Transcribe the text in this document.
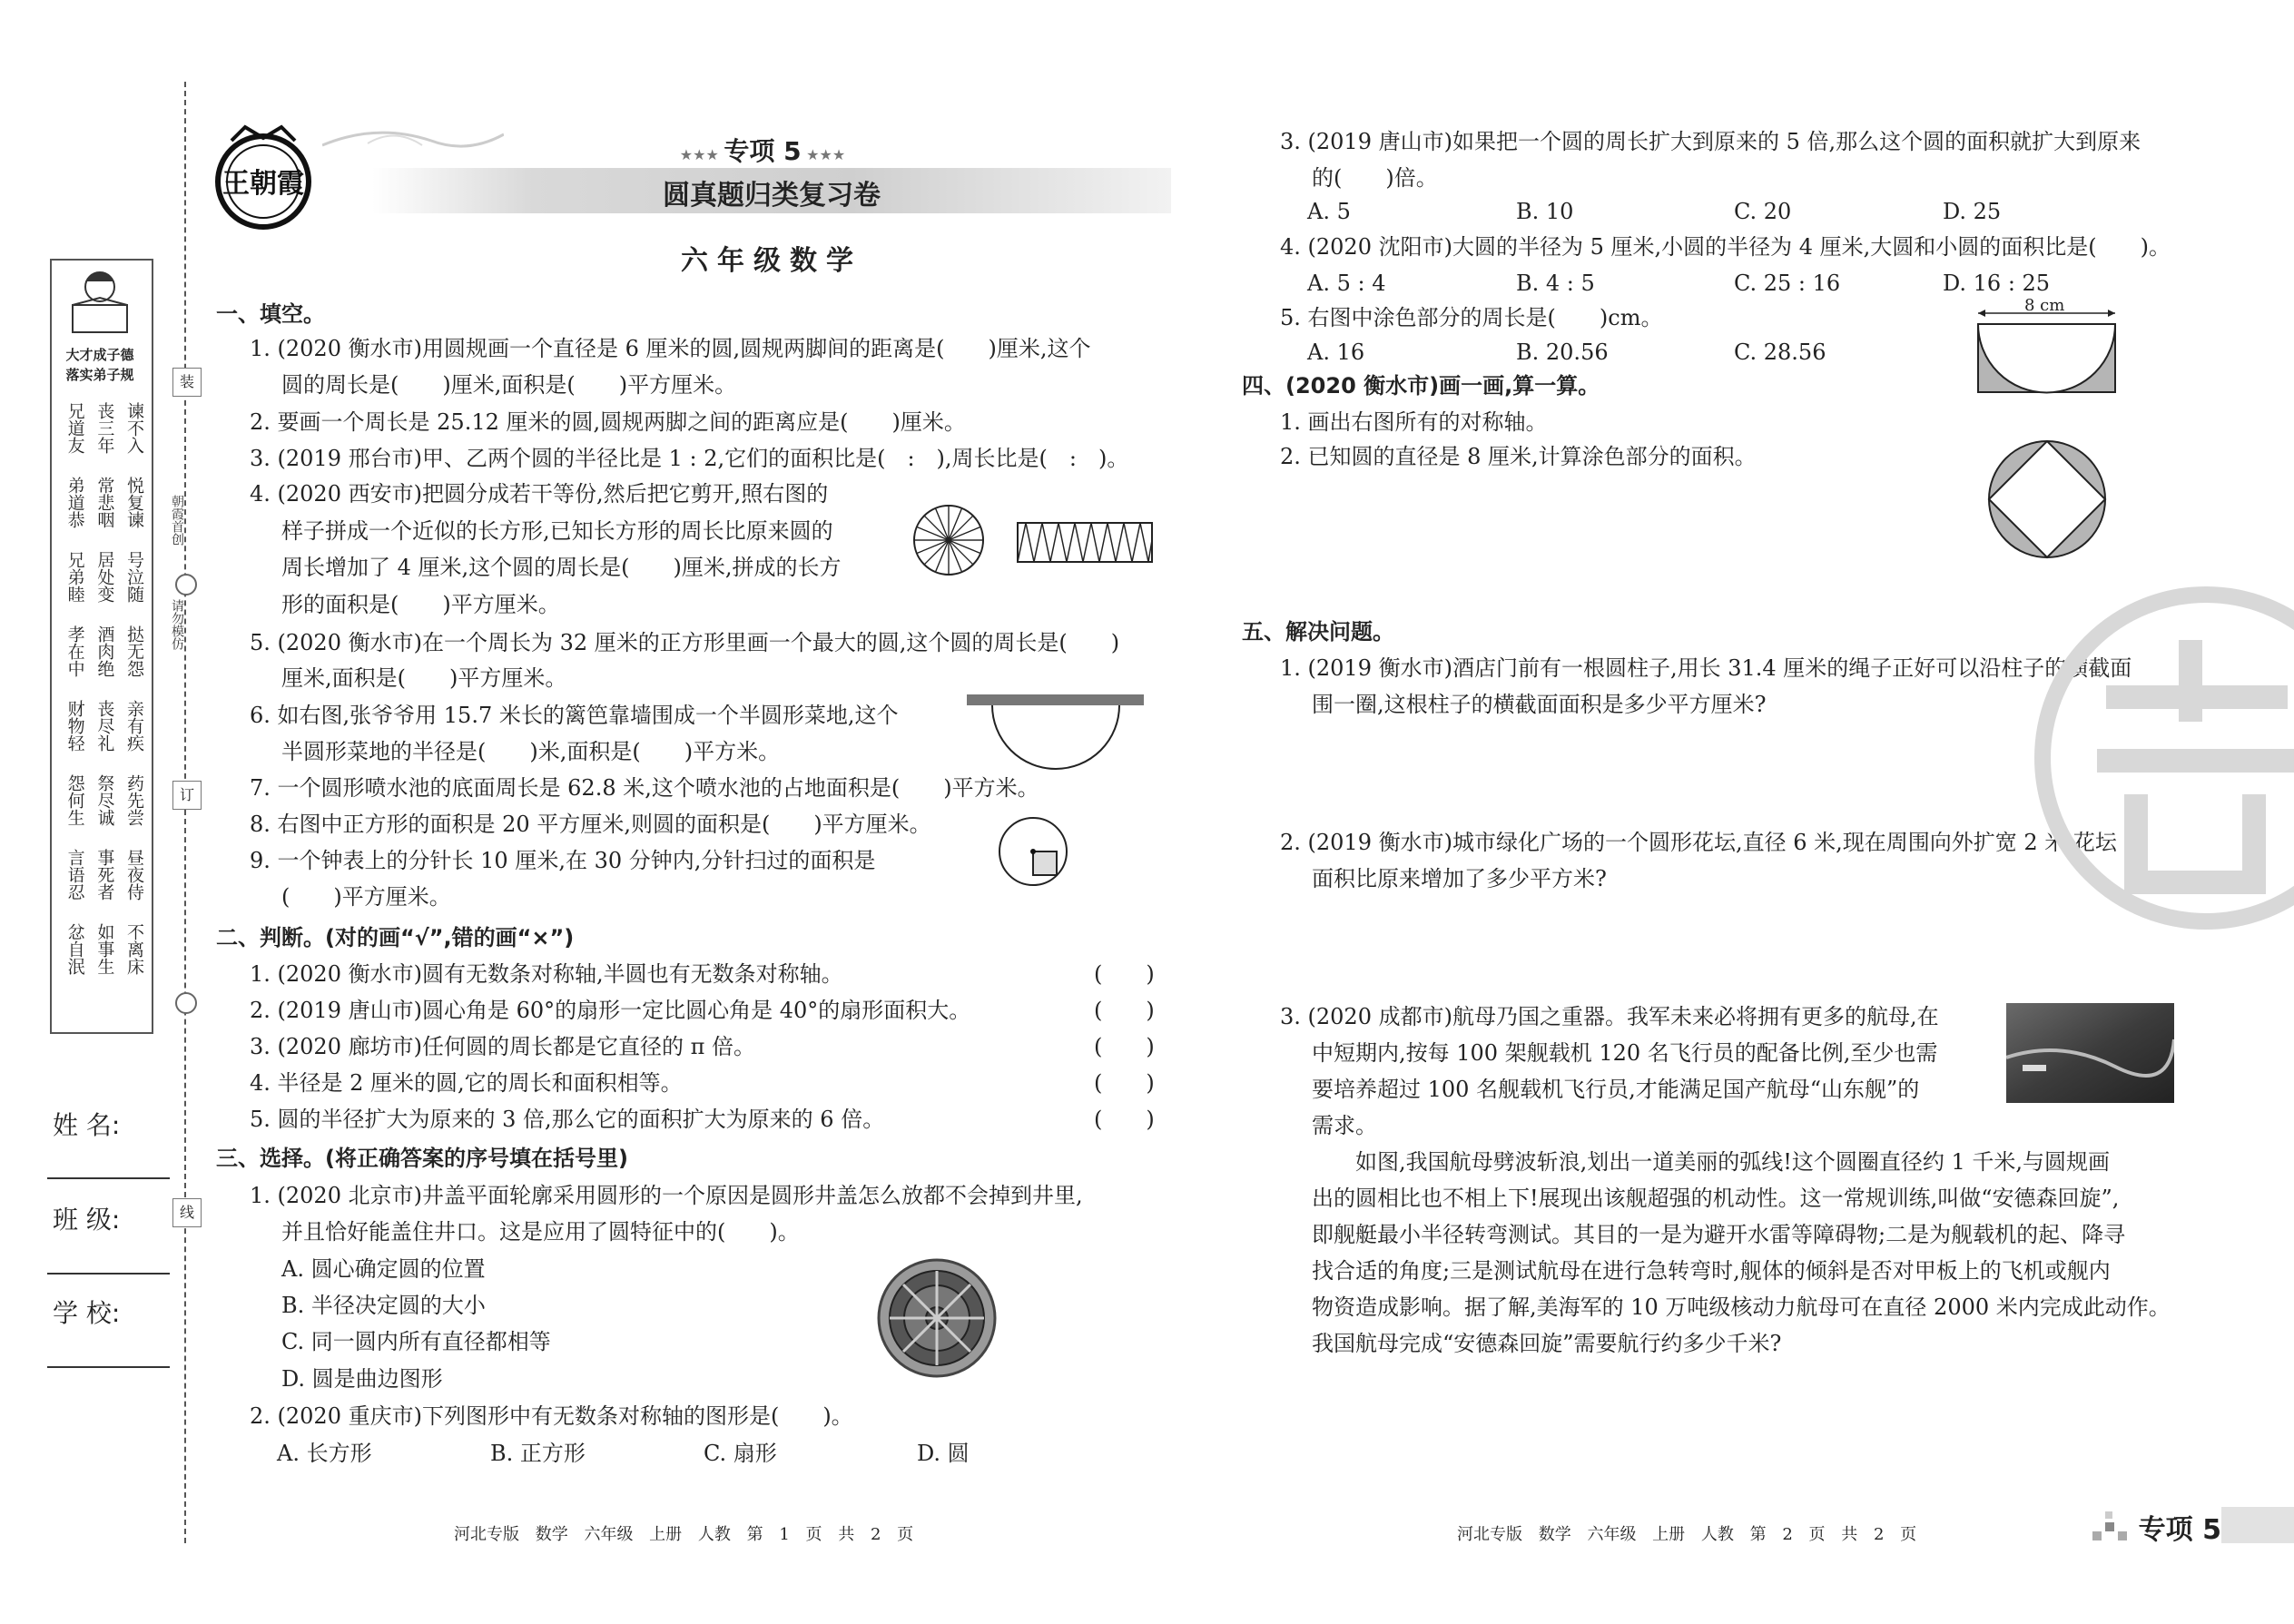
装
订
线
朝霞首创
请勿模仿
大才成子德
落实弟子规
兄道友 丧三年 谏不入
弟道恭 常悲咽 悦复谏
兄弟睦 居处变 号泣随
孝在中 酒肉绝 挞无怨
财物轻 丧尽礼 亲有疾
怨何生 祭尽诚 药先尝
言语忍 事死者 昼夜侍
忿自泯 如事生 不离床
姓 名:
班 级:
学 校:
王朝霞
★★★ 专项 5 ★★★
圆真题归类复习卷
六年级数学
一、填空。
1. (2020 衡水市)用圆规画一个直径是 6 厘米的圆,圆规两脚间的距离是(　　)厘米,这个
圆的周长是(　　)厘米,面积是(　　)平方厘米。
2. 要画一个周长是 25.12 厘米的圆,圆规两脚之间的距离应是(　　)厘米。
3. (2019 邢台市)甲、乙两个圆的半径比是 1 : 2,它们的面积比是(　:　),周长比是(　:　)。
4. (2020 西安市)把圆分成若干等份,然后把它剪开,照右图的
样子拼成一个近似的长方形,已知长方形的周长比原来圆的
周长增加了 4 厘米,这个圆的周长是(　　)厘米,拼成的长方
形的面积是(　　)平方厘米。
5. (2020 衡水市)在一个周长为 32 厘米的正方形里画一个最大的圆,这个圆的周长是(　　)
厘米,面积是(　　)平方厘米。
6. 如右图,张爷爷用 15.7 米长的篱笆靠墙围成一个半圆形菜地,这个
半圆形菜地的半径是(　　)米,面积是(　　)平方米。
7. 一个圆形喷水池的底面周长是 62.8 米,这个喷水池的占地面积是(　　)平方米。
8. 右图中正方形的面积是 20 平方厘米,则圆的面积是(　　)平方厘米。
9. 一个钟表上的分针长 10 厘米,在 30 分钟内,分针扫过的面积是
(　　)平方厘米。
二、判断。(对的画“√”,错的画“×”)
1. (2020 衡水市)圆有无数条对称轴,半圆也有无数条对称轴。	(　　)
2. (2019 唐山市)圆心角是 60°的扇形一定比圆心角是 40°的扇形面积大。	(　　)
3. (2020 廊坊市)任何圆的周长都是它直径的 π 倍。	(　　)
4. 半径是 2 厘米的圆,它的周长和面积相等。	(　　)
5. 圆的半径扩大为原来的 3 倍,那么它的面积扩大为原来的 6 倍。	(　　)
三、选择。(将正确答案的序号填在括号里)
1. (2020 北京市)井盖平面轮廓采用圆形的一个原因是圆形井盖怎么放都不会掉到井里,
并且恰好能盖住井口。这是应用了圆特征中的(　　)。
A. 圆心确定圆的位置
B. 半径决定圆的大小
C. 同一圆内所有直径都相等
D. 圆是曲边图形
2. (2020 重庆市)下列图形中有无数条对称轴的图形是(　　)。
A. 长方形	B. 正方形	C. 扇形	D. 圆
3. (2019 唐山市)如果把一个圆的周长扩大到原来的 5 倍,那么这个圆的面积就扩大到原来
的(　　)倍。
A. 5	B. 10	C. 20	D. 25
4. (2020 沈阳市)大圆的半径为 5 厘米,小圆的半径为 4 厘米,大圆和小圆的面积比是(　　)。
A. 5 : 4	B. 4 : 5	C. 25 : 16	D. 16 : 25
5. 右图中涂色部分的周长是(　　)cm。
A. 16	B. 20.56	C. 28.56
8 cm
四、(2020 衡水市)画一画,算一算。
1. 画出右图所有的对称轴。
2. 已知圆的直径是 8 厘米,计算涂色部分的面积。
五、解决问题。
1. (2019 衡水市)酒店门前有一根圆柱子,用长 31.4 厘米的绳子正好可以沿柱子的横截面
围一圈,这根柱子的横截面面积是多少平方厘米?
2. (2019 衡水市)城市绿化广场的一个圆形花坛,直径 6 米,现在周围向外扩宽 2 米,花坛
面积比原来增加了多少平方米?
3. (2020 成都市)航母乃国之重器。我军未来必将拥有更多的航母,在
中短期内,按每 100 架舰载机 120 名飞行员的配备比例,至少也需
要培养超过 100 名舰载机飞行员,才能满足国产航母“山东舰”的
需求。
　　如图,我国航母劈波斩浪,划出一道美丽的弧线!这个圆圈直径约 1 千米,与圆规画
出的圆相比也不相上下!展现出该舰超强的机动性。这一常规训练,叫做“安德森回旋”,
即舰艇最小半径转弯测试。其目的一是为避开水雷等障碍物;二是为舰载机的起、降寻
找合适的角度;三是测试航母在进行急转弯时,舰体的倾斜是否对甲板上的飞机或舰内
物资造成影响。据了解,美海军的 10 万吨级核动力航母可在直径 2000 米内完成此动作。
我国航母完成“安德森回旋”需要航行约多少千米?
河北专版 数学 六年级 上册 人教 第 1 页 共 2 页	河北专版 数学 六年级 上册 人教 第 2 页 共 2 页	专项 5
